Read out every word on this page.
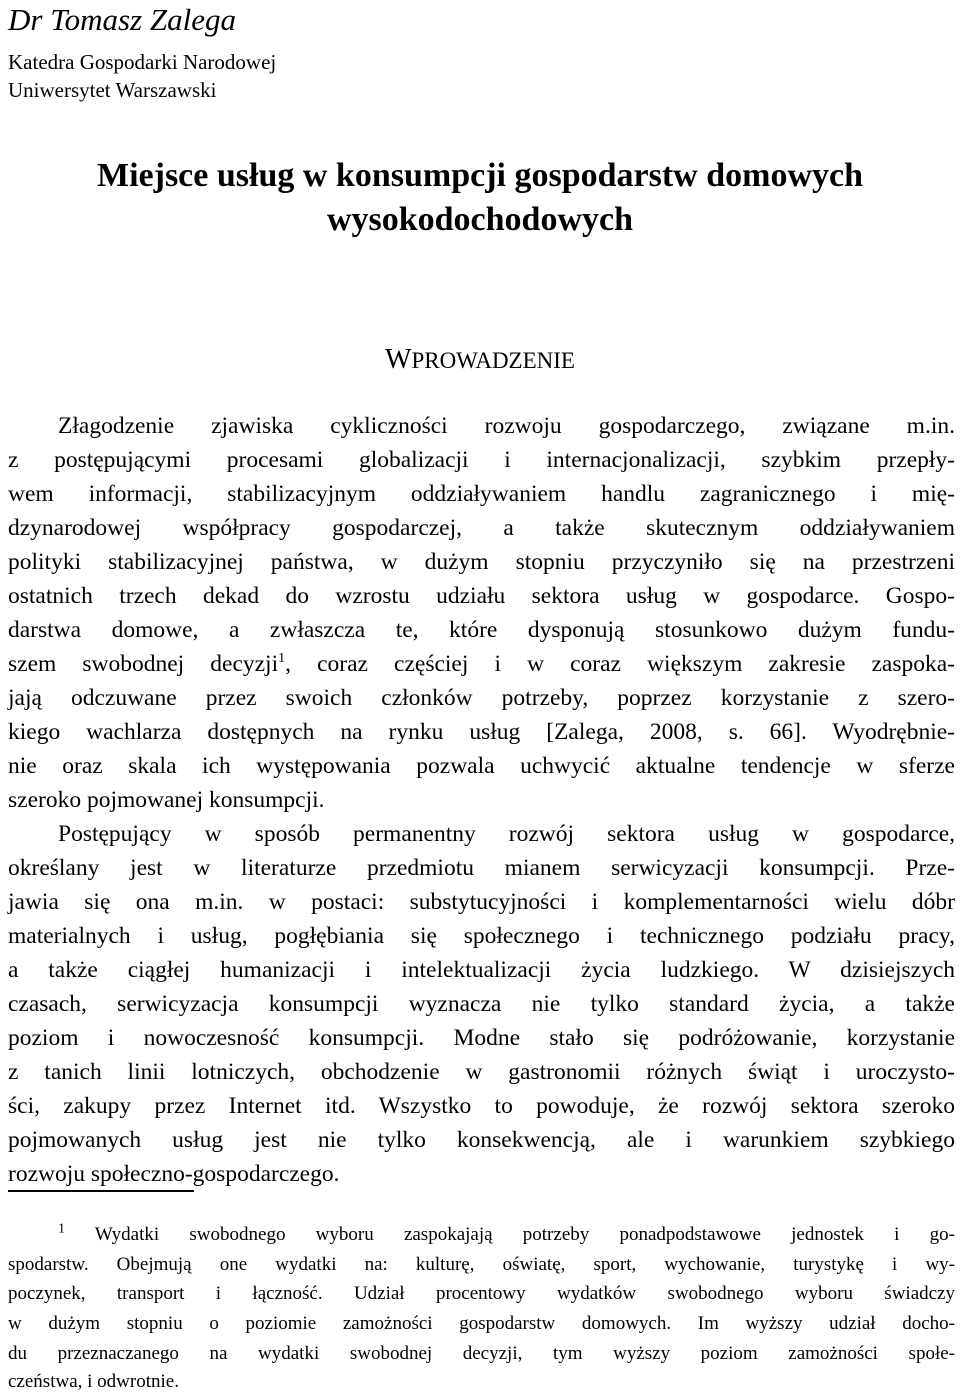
Dr Tomasz Zalega
Katedra Gospodarki Narodowej
Uniwersytet Warszawski
Miejsce usług w konsumpcji gospodarstw domowych
wysokodochodowych
WPROWADZENIE
Złagodzenie zjawiska cykliczności rozwoju gospodarczego, związane m.in.
z postępującymi procesami globalizacji i internacjonalizacji, szybkim przepły-
wem informacji, stabilizacyjnym oddziaływaniem handlu zagranicznego i mię-
dzynarodowej współpracy gospodarczej, a także skutecznym oddziaływaniem
polityki stabilizacyjnej państwa, w dużym stopniu przyczyniło się na przestrzeni
ostatnich trzech dekad do wzrostu udziału sektora usług w gospodarce. Gospo-
darstwa domowe, a zwłaszcza te, które dysponują stosunkowo dużym fundu-
szem swobodnej decyzji$^1$, coraz częściej i w coraz większym zakresie zaspoka-
jają odczuwane przez swoich członków potrzeby, poprzez korzystanie z szero-
kiego wachlarza dostępnych na rynku usług [Zalega, 2008, s. 66]. Wyodrębnie-
nie oraz skala ich występowania pozwala uchwycić aktualne tendencje w sferze
szeroko pojmowanej konsumpcji.
Postępujący w sposób permanentny rozwój sektora usług w gospodarce,
określany jest w literaturze przedmiotu mianem serwicyzacji konsumpcji. Prze-
jawia się ona m.in. w postaci: substytucyjności i komplementarności wielu dóbr
materialnych i usług, pogłębiania się społecznego i technicznego podziału pracy,
a także ciągłej humanizacji i intelektualizacji życia ludzkiego. W dzisiejszych
czasach, serwicyzacja konsumpcji wyznacza nie tylko standard życia, a także
poziom i nowoczesność konsumpcji. Modne stało się podróżowanie, korzystanie
z tanich linii lotniczych, obchodzenie w gastronomii różnych świąt i uroczysto-
ści, zakupy przez Internet itd. Wszystko to powoduje, że rozwój sektora szeroko
pojmowanych usług jest nie tylko konsekwencją, ale i warunkiem szybkiego
rozwoju społeczno-gospodarczego.
$^1$ Wydatki swobodnego wyboru zaspokajają potrzeby ponadpodstawowe jednostek i go-
spodarstw. Obejmują one wydatki na: kulturę, oświatę, sport, wychowanie, turystykę i wy-
poczynek, transport i łączność. Udział procentowy wydatków swobodnego wyboru świadczy
w dużym stopniu o poziomie zamożności gospodarstw domowych. Im wyższy udział docho-
du przeznaczanego na wydatki swobodnej decyzji, tym wyższy poziom zamożności społe-
czeństwa, i odwrotnie.
